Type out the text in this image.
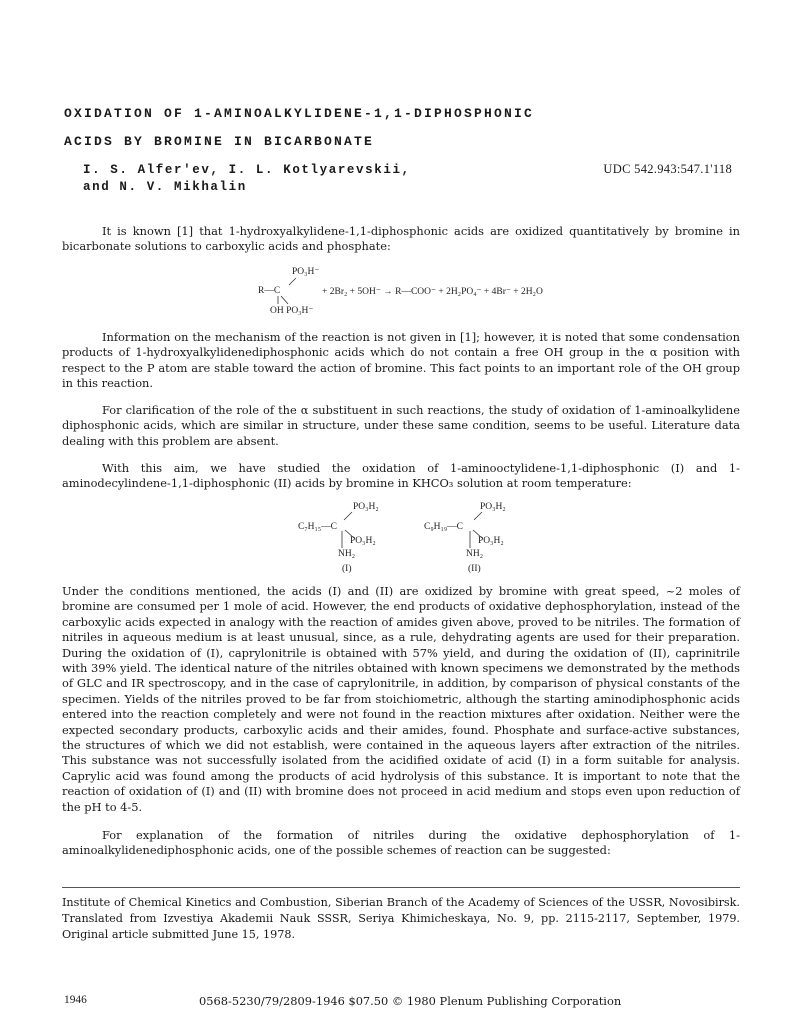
OXIDATION OF 1-AMINOALKYLIDENE-1,1-DIPHOSPHONIC
ACIDS BY BROMINE IN BICARBONATE
I. S. Alfer'ev, I. L. Kotlyarevskii,
and N. V. Mikhalin
UDC 542.943:547.1'118

It is known [1] that 1-hydroxyalkylidene-1,1-diphosphonic acids are oxidized quantitatively by bromine in bicarbonate solutions to carboxylic acids and phosphate:

PO₃H⁻
R—C
OH PO₃H⁻
+ 2Br₂ + 5OH⁻ → R—COO⁻ + 2H₂PO₄⁻ + 4Br⁻ + 2H₂O

Information on the mechanism of the reaction is not given in [1]; however, it is noted that some condensation products of 1-hydroxyalkylidenediphosphonic acids which do not contain a free OH group in the α position with respect to the P atom are stable toward the action of bromine. This fact points to an important role of the OH group in this reaction.

For clarification of the role of the α substituent in such reactions, the study of oxidation of 1-aminoalkylidene diphosphonic acids, which are similar in structure, under these same condition, seems to be useful. Literature data dealing with this problem are absent.

With this aim, we have studied the oxidation of 1-aminooctylidene-1,1-diphosphonic (I) and 1-aminodecylindene-1,1-diphosphonic (II) acids by bromine in KHCO₃ solution at room temperature:

PO₃H₂
C₇H₁₅—C
PO₃H₂
NH₂
(I)
PO₃H₂
C₉H₁₉—C
PO₃H₂
NH₂
(II)

Under the conditions mentioned, the acids (I) and (II) are oxidized by bromine with great speed, ~2 moles of bromine are consumed per 1 mole of acid. However, the end products of oxidative dephosphorylation, instead of the carboxylic acids expected in analogy with the reaction of amides given above, proved to be nitriles. The formation of nitriles in aqueous medium is at least unusual, since, as a rule, dehydrating agents are used for their preparation. During the oxidation of (I), caprylonitrile is obtained with 57% yield, and during the oxidation of (II), caprinitrile with 39% yield. The identical nature of the nitriles obtained with known specimens we demonstrated by the methods of GLC and IR spectroscopy, and in the case of caprylonitrile, in addition, by comparison of physical constants of the specimen. Yields of the nitriles proved to be far from stoichiometric, although the starting aminodiphosphonic acids entered into the reaction completely and were not found in the reaction mixtures after oxidation. Neither were the expected secondary products, carboxylic acids and their amides, found. Phosphate and surface-active substances, the structures of which we did not establish, were contained in the aqueous layers after extraction of the nitriles. This substance was not successfully isolated from the acidified oxidate of acid (I) in a form suitable for analysis. Caprylic acid was found among the products of acid hydrolysis of this substance. It is important to note that the reaction of oxidation of (I) and (II) with bromine does not proceed in acid medium and stops even upon reduction of the pH to 4-5.

For explanation of the formation of nitriles during the oxidative dephosphorylation of 1-aminoalkylidenediphosphonic acids, one of the possible schemes of reaction can be suggested:

Institute of Chemical Kinetics and Combustion, Siberian Branch of the Academy of Sciences of the USSR, Novosibirsk. Translated from Izvestiya Akademii Nauk SSSR, Seriya Khimicheskaya, No. 9, pp. 2115-2117, September, 1979. Original article submitted June 15, 1978.

1946	0568-5230/79/2809-1946 $07.50 © 1980 Plenum Publishing Corporation
